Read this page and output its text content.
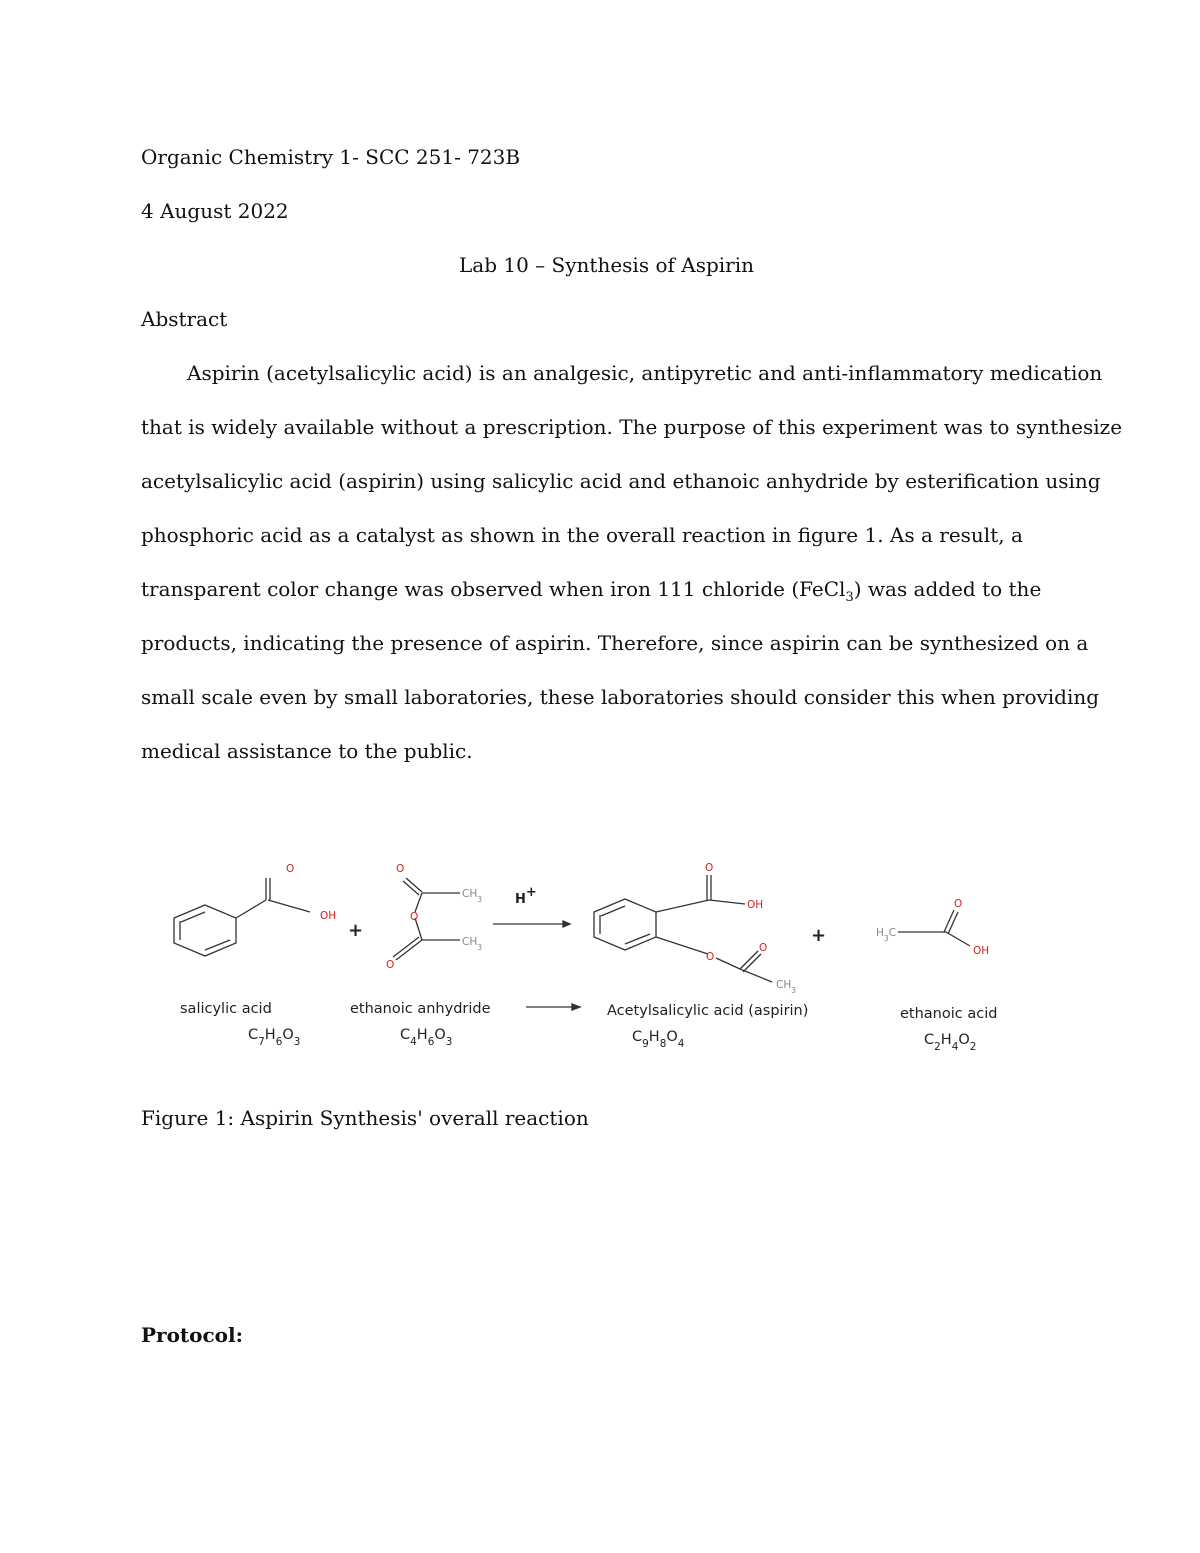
Organic Chemistry 1- SCC 251- 723B
4 August 2022
Lab 10 – Synthesis of Aspirin
Abstract
Aspirin (acetylsalicylic acid) is an analgesic, antipyretic and anti-inflammatory medication
that is widely available without a prescription. The purpose of this experiment was to synthesize
acetylsalicylic acid (aspirin) using salicylic acid and ethanoic anhydride by esterification using
phosphoric acid as a catalyst as shown in the overall reaction in figure 1. As a result, a
transparent color change was observed when iron 111 chloride (FeCl$_3$) was added to the
products, indicating the presence of aspirin. Therefore, since aspirin can be synthesized on a
small scale even by small laboratories, these laboratories should consider this when providing
medical assistance to the public.
O
OH
O
O
O
$CH_3$
$CH_3$
O
OH
O
O
$CH_3$
$H_3C$
O
OH
H+
+	+
salicylic acid	ethanoic anhydride	Acetylsalicylic acid (aspirin)	ethanoic acid
$C_7H_6O_3$	$C_4H_6O_3$	$C_9H_8O_4$	$C_2H_4O_2$
Figure 1: Aspirin Synthesis' overall reaction
Protocol:
